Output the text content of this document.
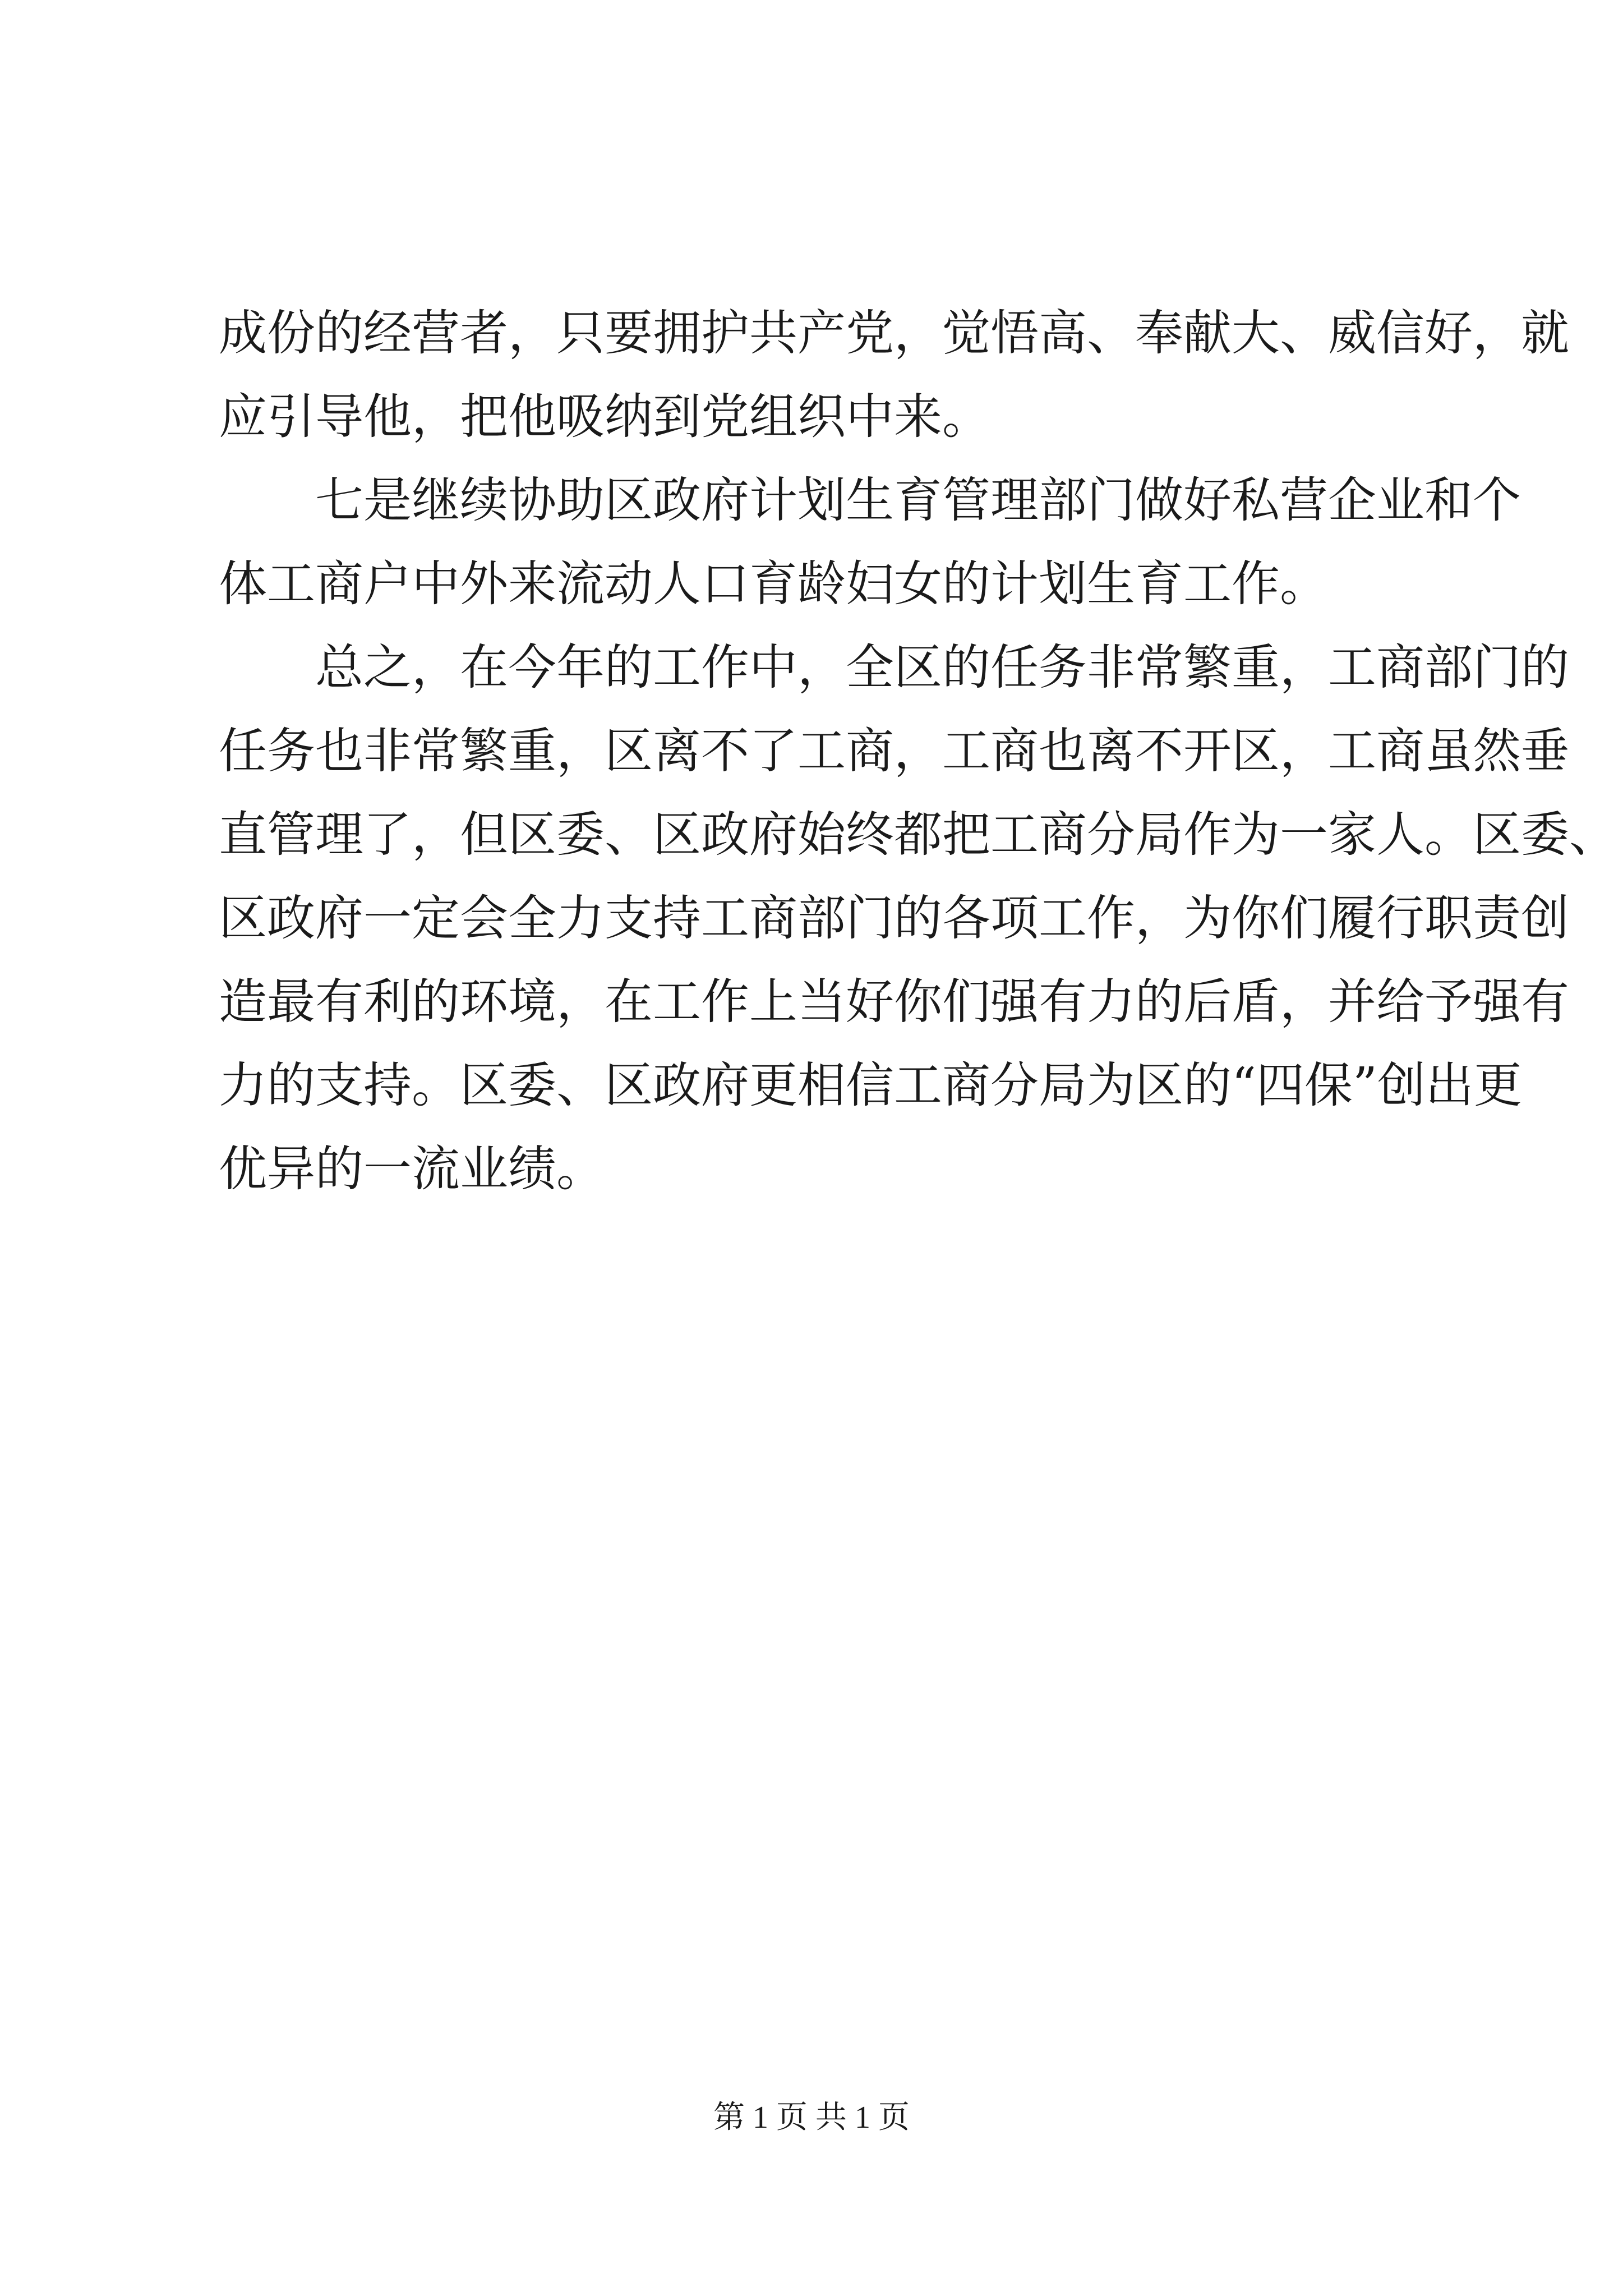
成份的经营者，只要拥护共产党，觉悟高、奉献大、威信好，就
应引导他，把他吸纳到党组织中来。
七是继续协助区政府计划生育管理部门做好私营企业和个
体工商户中外来流动人口育龄妇女的计划生育工作。
总之，在今年的工作中，全区的任务非常繁重，工商部门的
任务也非常繁重，区离不了工商，工商也离不开区，工商虽然垂
直管理了，但区委、区政府始终都把工商分局作为一家人。区委、
区政府一定会全力支持工商部门的各项工作，为你们履行职责创
造最有利的环境，在工作上当好你们强有力的后盾，并给予强有
力的支持。区委、区政府更相信工商分局为区的“四保”创出更
优异的一流业绩。
第 1 页 共 1 页
